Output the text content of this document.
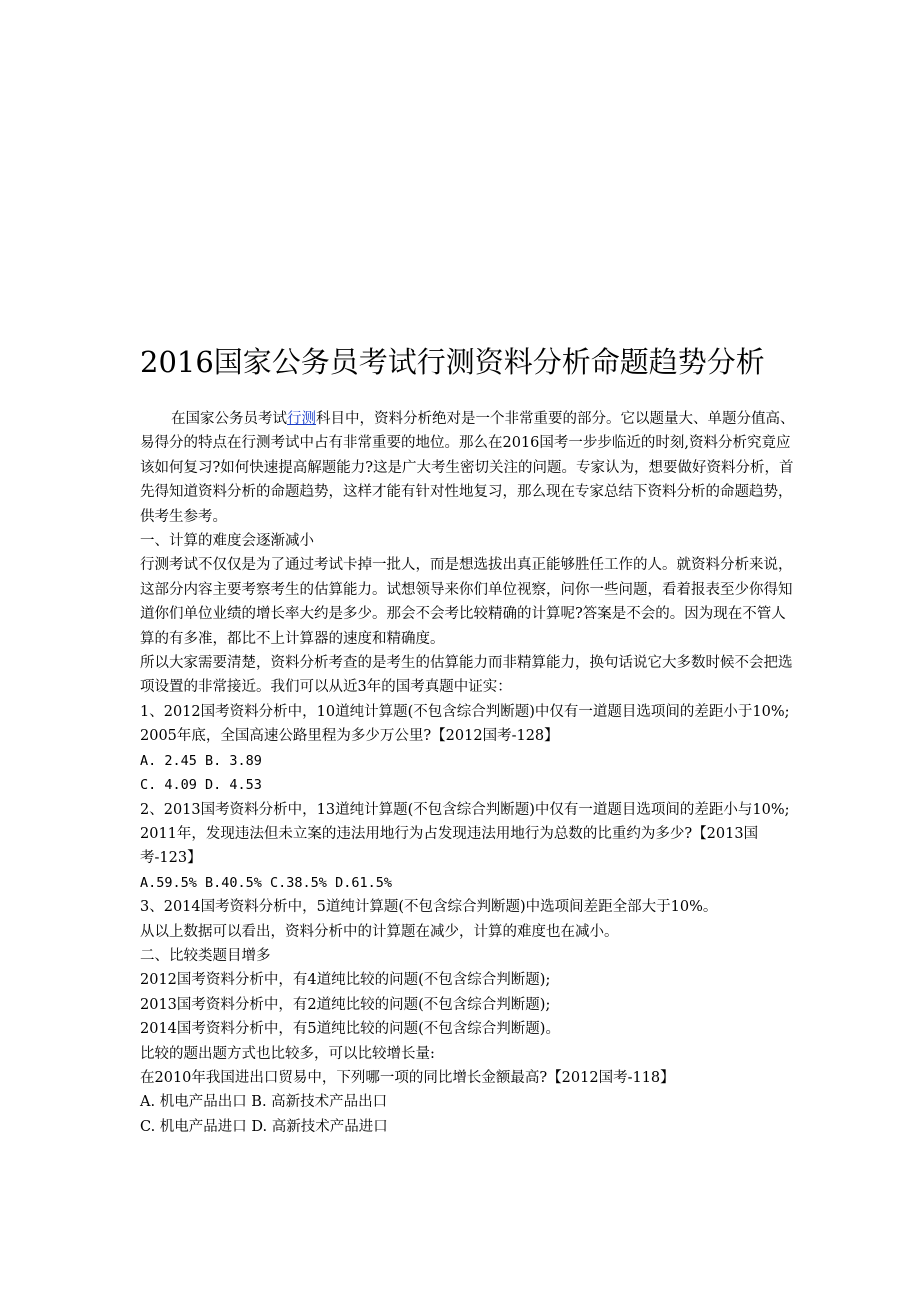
2016国家公务员考试行测资料分析命题趋势分析

在国家公务员考试行测科目中，资料分析绝对是一个非常重要的部分。它以题量大、单题分值高、易得分的特点在行测考试中占有非常重要的地位。那么在2016国考一步步临近的时刻,资料分析究竟应该如何复习?如何快速提高解题能力?这是广大考生密切关注的问题。专家认为，想要做好资料分析，首先得知道资料分析的命题趋势，这样才能有针对性地复习，那么现在专家总结下资料分析的命题趋势，供考生参考。

一、计算的难度会逐渐减小

行测考试不仅仅是为了通过考试卡掉一批人，而是想选拔出真正能够胜任工作的人。就资料分析来说，这部分内容主要考察考生的估算能力。试想领导来你们单位视察，问你一些问题，看着报表至少你得知道你们单位业绩的增长率大约是多少。那会不会考比较精确的计算呢?答案是不会的。因为现在不管人算的有多准，都比不上计算器的速度和精确度。

所以大家需要清楚，资料分析考查的是考生的估算能力而非精算能力，换句话说它大多数时候不会把选项设置的非常接近。我们可以从近3年的国考真题中证实：

1、2012国考资料分析中，10道纯计算题(不包含综合判断题)中仅有一道题目选项间的差距小于10%;

2005年底，全国高速公路里程为多少万公里?【2012国考-128】

A. 2.45 B. 3.89

C. 4.09 D. 4.53

2、2013国考资料分析中，13道纯计算题(不包含综合判断题)中仅有一道题目选项间的差距小与10%;

2011年，发现违法但未立案的违法用地行为占发现违法用地行为总数的比重约为多少?【2013国考-123】

A.59.5% B.40.5% C.38.5% D.61.5%

3、2014国考资料分析中，5道纯计算题(不包含综合判断题)中选项间差距全部大于10%。

从以上数据可以看出，资料分析中的计算题在减少，计算的难度也在减小。

二、比较类题目增多

2012国考资料分析中，有4道纯比较的问题(不包含综合判断题);

2013国考资料分析中，有2道纯比较的问题(不包含综合判断题);

2014国考资料分析中，有5道纯比较的问题(不包含综合判断题)。

比较的题出题方式也比较多，可以比较增长量:

在2010年我国进出口贸易中，下列哪一项的同比增长金额最高?【2012国考-118】

A. 机电产品出口 B. 高新技术产品出口

C. 机电产品进口 D. 高新技术产品进口
